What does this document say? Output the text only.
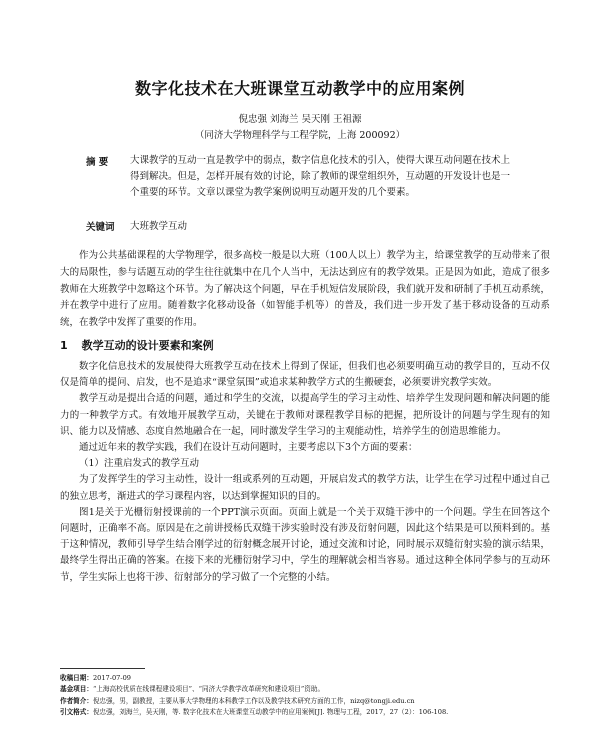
数字化技术在大班课堂互动教学中的应用案例
倪忠强 刘海兰 吴天刚 王祖源
（同济大学物理科学与工程学院，上海 200092）
摘 要 大课教学的互动一直是教学中的弱点，数字信息化技术的引入，使得大课互动问题在技术上得到解决。但是，怎样开展有效的讨论，除了教师的课堂组织外，互动题的开发设计也是一个重要的环节。文章以课堂为教学案例说明互动题开发的几个要素。
关键词 大班教学互动

作为公共基础课程的大学物理学，很多高校一般是以大班（100人以上）教学为主，给课堂教学的互动带来了很大的局限性，参与话题互动的学生往往就集中在几个人当中，无法达到应有的教学效果。正是因为如此，造成了很多教师在大班教学中忽略这个环节。为了解决这个问题，早在手机短信发展阶段，我们就开发和研制了手机互动系统，并在教学中进行了应用。随着数字化移动设备（如智能手机等）的普及，我们进一步开发了基于移动设备的互动系统，在教学中发挥了重要的作用。

1 教学互动的设计要素和案例

数字化信息技术的发展使得大班教学互动在技术上得到了保证，但我们也必须要明确互动的教学目的，互动不仅仅是简单的提问、启发，也不是追求“课堂氛围”或追求某种教学方式的生搬硬套，必须要讲究教学实效。

教学互动是提出合适的问题，通过和学生的交流，以提高学生的学习主动性、培养学生发现问题和解决问题的能力的一种教学方式。有效地开展教学互动，关键在于教师对课程教学目标的把握，把所设计的问题与学生现有的知识、能力以及情感、态度自然地融合在一起，同时激发学生学习的主观能动性，培养学生的创造思维能力。

通过近年来的教学实践，我们在设计互动问题时，主要考虑以下3个方面的要素：

（1）注重启发式的教学互动

为了发挥学生的学习主动性，设计一组或系列的互动题，开展启发式的教学方法，让学生在学习过程中通过自己的独立思考，渐进式的学习课程内容，以达到掌握知识的目的。

图1是关于光栅衍射授课前的一个PPT演示页面。页面上就是一个关于双缝干涉中的一个问题。学生在回答这个问题时，正确率不高。原因是在之前讲授杨氏双缝干涉实验时没有涉及衍射问题，因此这个结果是可以预料到的。基于这种情况，教师引导学生结合刚学过的衍射概念展开讨论，通过交流和讨论，同时展示双缝衍射实验的演示结果，最终学生得出正确的答案。在接下来的光栅衍射学习中，学生的理解就会相当容易。通过这种全体同学参与的互动环节，学生实际上也将干涉、衍射部分的学习做了一个完整的小结。

收稿日期：2017-07-09
基金项目：“上海高校优质在线课程建设项目”、“同济大学教学改革研究和建设项目”资助。
作者简介：倪忠强，男，副教授，主要从事大学物理的本科教学工作以及教学技术研究方面的工作，nizq@tongji.edu.cn
引文格式：倪忠强，刘海兰，吴天刚，等. 数字化技术在大班课堂互动教学中的应用案例[J]. 物理与工程，2017，27（2）：106-108.
